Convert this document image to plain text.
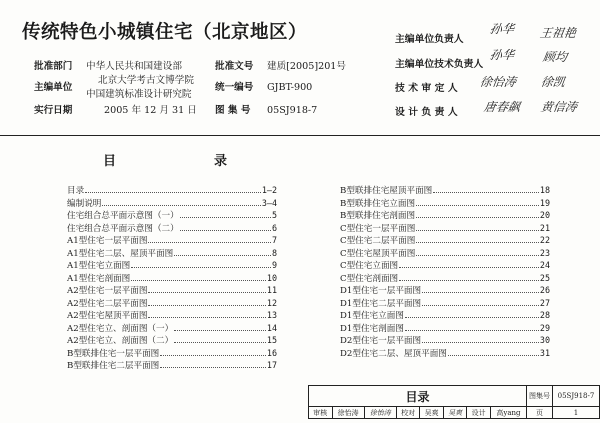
传统特色小城镇住宅（北京地区）
批准部门 中华人民共和国建设部
主编单位
北京大学考古文博学院
中国建筑标准设计研究院
实行日期	2005 年 12 月 31 日
批准文号 建质[2005]201号
统一编号 GJBT-900
图 集 号 05SJ918-7
主编单位负责人
孙华 王祖艳
主编单位技术负责人
孙华 顾均
技 术 审 定 人 徐怡涛 徐凯
设 计 负 责 人 唐春飙 黄信涛
目	录
目录	1—2
编制说明	3—4
住宅组合总平面示意图（一）	5
住宅组合总平面示意图（二）	6
A1型住宅一层平面图	7
A1型住宅二层、屋顶平面图	8
A1型住宅立面图	9
A1型住宅剖面图	10
A2型住宅一层平面图	11
A2型住宅二层平面图	12
A2型住宅屋顶平面图	13
A2型住宅立、剖面图（一）	14
A2型住宅立、剖面图（二）	15
B型联排住宅一层平面图	16
B型联排住宅二层平面图	17
B型联排住宅屋顶平面图	18
B型联排住宅立面图	19
B型联排住宅剖面图	20
C型住宅一层平面图	21
C型住宅二层平面图	22
C型住宅屋顶平面图	23
C型住宅立面图	24
C型住宅剖面图	25
D1型住宅一层平面图	26
D1型住宅二层平面图	27
D1型住宅立面图	28
D1型住宅剖面图	29
D2型住宅一层平面图	30
D2型住宅二层、屋顶平面图	31
目录								图集号	05SJ918-7
审核	徐怡涛	徐怡涛	校对	吴爽	吴爽	设计	高yang	页	1
